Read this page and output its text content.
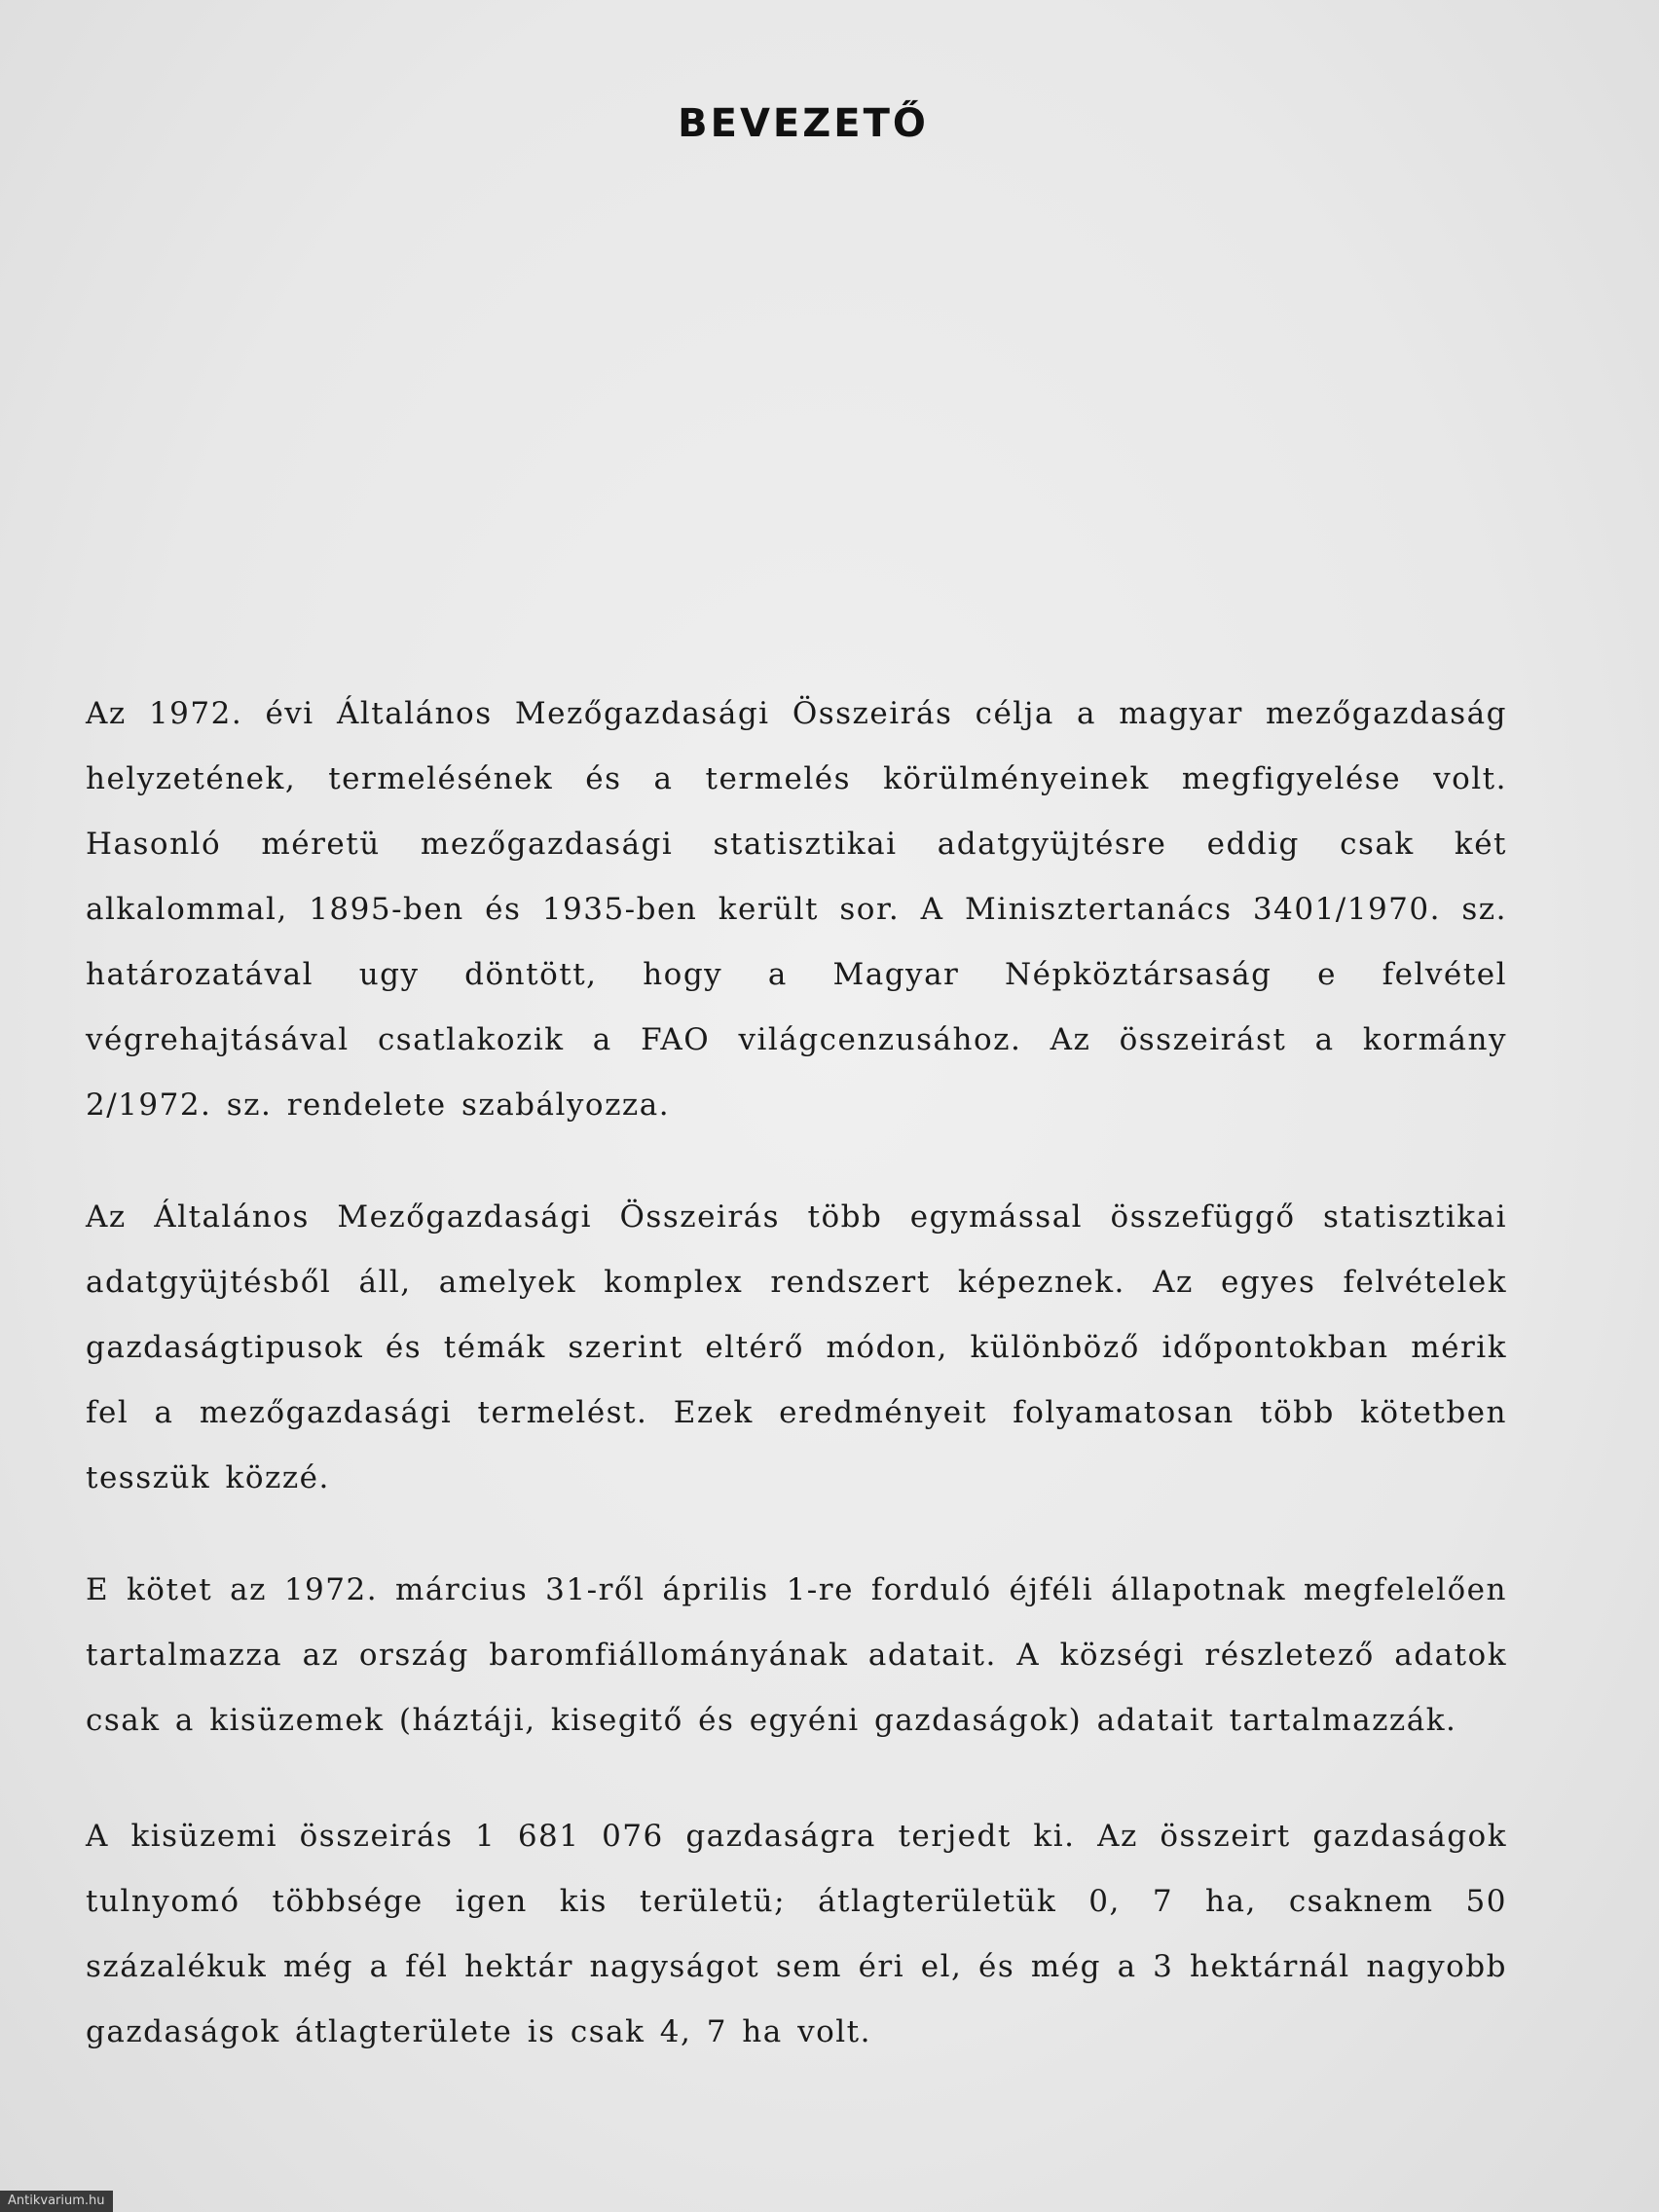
BEVEZETŐ

Az 1972. évi Általános Mezőgazdasági Összeirás célja a magyar mezőgazdaság helyzetének, termelésének és a termelés körülményeinek megfigyelése volt. Hasonló méretü mezőgazdasági statisztikai adatgyüjtésre eddig csak két alkalommal, 1895-ben és 1935-ben került sor. A Minisztertanács 3401/1970. sz. határozatával ugy döntött, hogy a Magyar Népköztársaság e felvétel végrehajtásával csatlakozik a FAO világcenzusához. Az összeirást a kormány 2/1972. sz. rendelete szabályozza.

Az Általános Mezőgazdasági Összeirás több egymással összefüggő statisztikai adatgyüjtésből áll, amelyek komplex rendszert képeznek. Az egyes felvételek gazdaságtipusok és témák szerint eltérő módon, különböző időpontokban mérik fel a mezőgazdasági termelést. Ezek eredményeit folyamatosan több kötetben tesszük közzé.

E kötet az 1972. március 31-ről április 1-re forduló éjféli állapotnak megfelelően tartalmazza az ország baromfiállományának adatait. A községi részletező adatok csak a kisüzemek (háztáji, kisegitő és egyéni gazdaságok) adatait tartalmazzák.

A kisüzemi összeirás 1 681 076 gazdaságra terjedt ki. Az összeirt gazdaságok tulnyomó többsége igen kis területü; átlagterületük 0, 7 ha, csaknem 50 százalékuk még a fél hektár nagyságot sem éri el, és még a 3 hektárnál nagyobb gazdaságok átlagterülete is csak 4, 7 ha volt.

Antikvarium.hu
